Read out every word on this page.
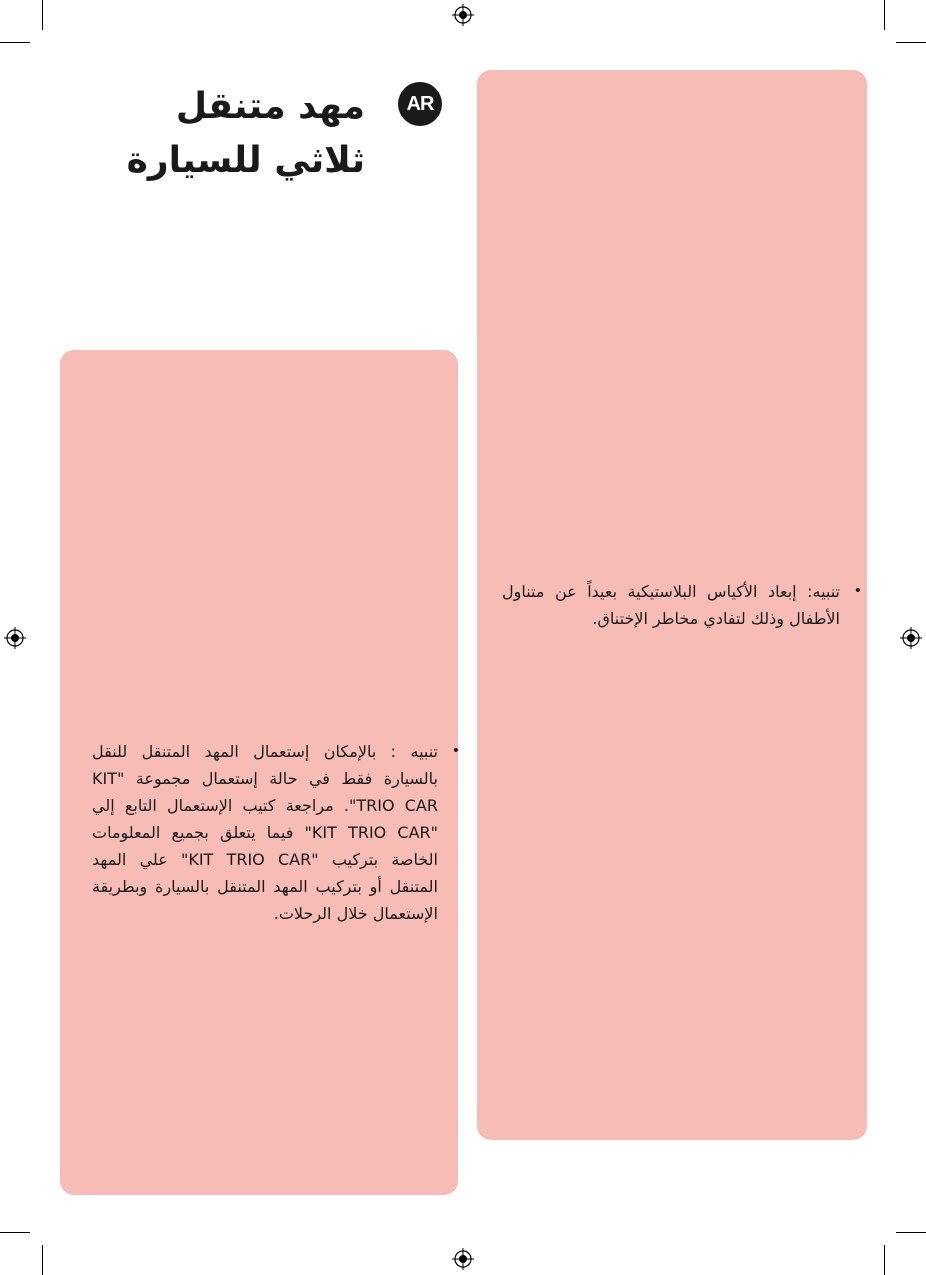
مهد متنقل
ثلاثي للسيارة
AR
•
تنبيه: إبعاد الأكياس البلاستيكية بعيداً عن متناول الأطفال وذلك لتفادي مخاطر الإختناق.
•
تنبيه : بالإمكان إستعمال المهد المتنقل للنقل بالسيارة فقط في حالة إستعمال مجموعة "KIT TRIO CAR". مراجعة كتيب الإستعمال التابع إلي "KIT TRIO CAR" فيما يتعلق بجميع المعلومات الخاصة بتركيب "KIT TRIO CAR" علي المهد المتنقل أو بتركيب المهد المتنقل بالسيارة وبطريقة الإستعمال خلال الرحلات.
